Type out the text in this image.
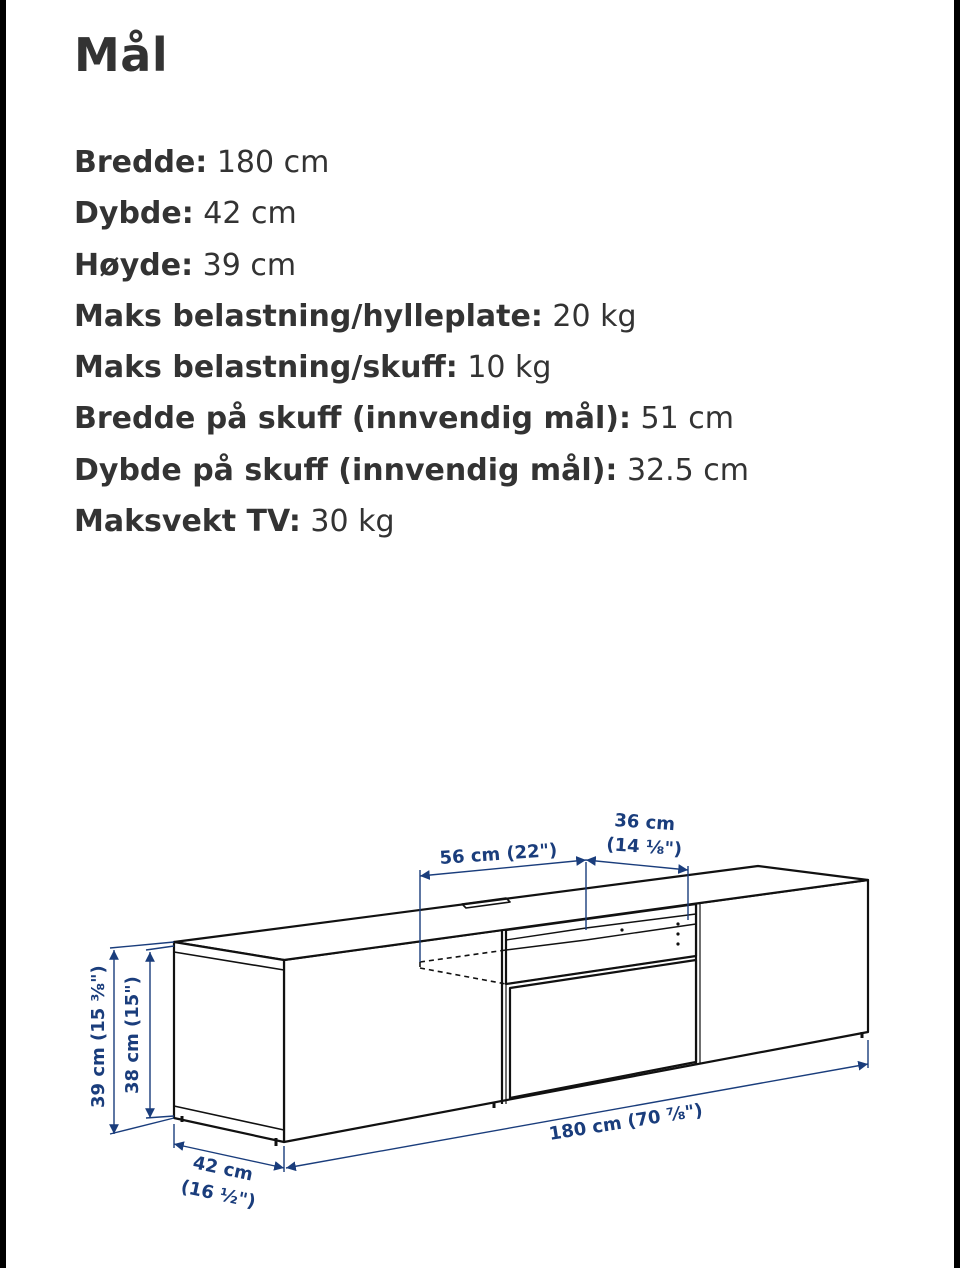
Mål
Bredde: 180 cm
Dybde: 42 cm
Høyde: 39 cm
Maks belastning/hylleplate: 20 kg
Maks belastning/skuff: 10 kg
Bredde på skuff (innvendig mål): 51 cm
Dybde på skuff (innvendig mål): 32.5 cm
Maksvekt TV: 30 kg
56 cm (22")
36 cm
(14 ⅛")
39 cm (15 ⅜") 38 cm (15")
180 cm (70 ⅞")
42 cm
(16 ½")
